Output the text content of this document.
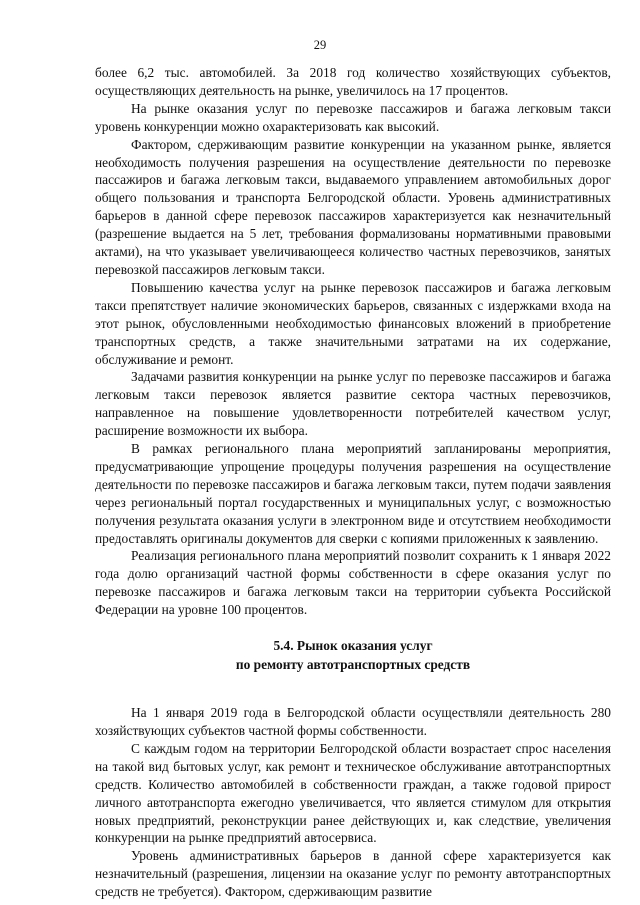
29

более 6,2 тыс. автомобилей. За 2018 год количество хозяйствующих субъектов, осуществляющих деятельность на рынке, увеличилось на 17 процентов.

На рынке оказания услуг по перевозке пассажиров и багажа легковым такси уровень конкуренции можно охарактеризовать как высокий.

Фактором, сдерживающим развитие конкуренции на указанном рынке, является необходимость получения разрешения на осуществление деятельности по перевозке пассажиров и багажа легковым такси, выдаваемого управлением автомобильных дорог общего пользования и транспорта Белгородской области. Уровень административных барьеров в данной сфере перевозок пассажиров характеризуется как незначительный (разрешение выдается на 5 лет, требования формализованы нормативными правовыми актами), на что указывает увеличивающееся количество частных перевозчиков, занятых перевозкой пассажиров легковым такси.

Повышению качества услуг на рынке перевозок пассажиров и багажа легковым такси препятствует наличие экономических барьеров, связанных с издержками входа на этот рынок, обусловленными необходимостью финансовых вложений в приобретение транспортных средств, а также значительными затратами на их содержание, обслуживание и ремонт.

Задачами развития конкуренции на рынке услуг по перевозке пассажиров и багажа легковым такси перевозок является развитие сектора частных перевозчиков, направленное на повышение удовлетворенности потребителей качеством услуг, расширение возможности их выбора.

В рамках регионального плана мероприятий запланированы мероприятия, предусматривающие упрощение процедуры получения разрешения на осуществление деятельности по перевозке пассажиров и багажа легковым такси, путем подачи заявления через региональный портал государственных и муниципальных услуг, с возможностью получения результата оказания услуги в электронном виде и отсутствием необходимости предоставлять оригиналы документов для сверки с копиями приложенных к заявлению.

Реализация регионального плана мероприятий позволит сохранить к 1 января 2022 года долю организаций частной формы собственности в сфере оказания услуг по перевозке пассажиров и багажа легковым такси на территории субъекта Российской Федерации на уровне 100 процентов.

5.4. Рынок оказания услуг
по ремонту автотранспортных средств

На 1 января 2019 года в Белгородской области осуществляли деятельность 280 хозяйствующих субъектов частной формы собственности.

С каждым годом на территории Белгородской области возрастает спрос населения на такой вид бытовых услуг, как ремонт и техническое обслуживание автотранспортных средств. Количество автомобилей в собственности граждан, а также годовой прирост личного автотранспорта ежегодно увеличивается, что является стимулом для открытия новых предприятий, реконструкции ранее действующих и, как следствие, увеличения конкуренции на рынке предприятий автосервиса.

Уровень административных барьеров в данной сфере характеризуется как незначительный (разрешения, лицензии на оказание услуг по ремонту автотранспортных средств не требуется). Фактором, сдерживающим развитие
